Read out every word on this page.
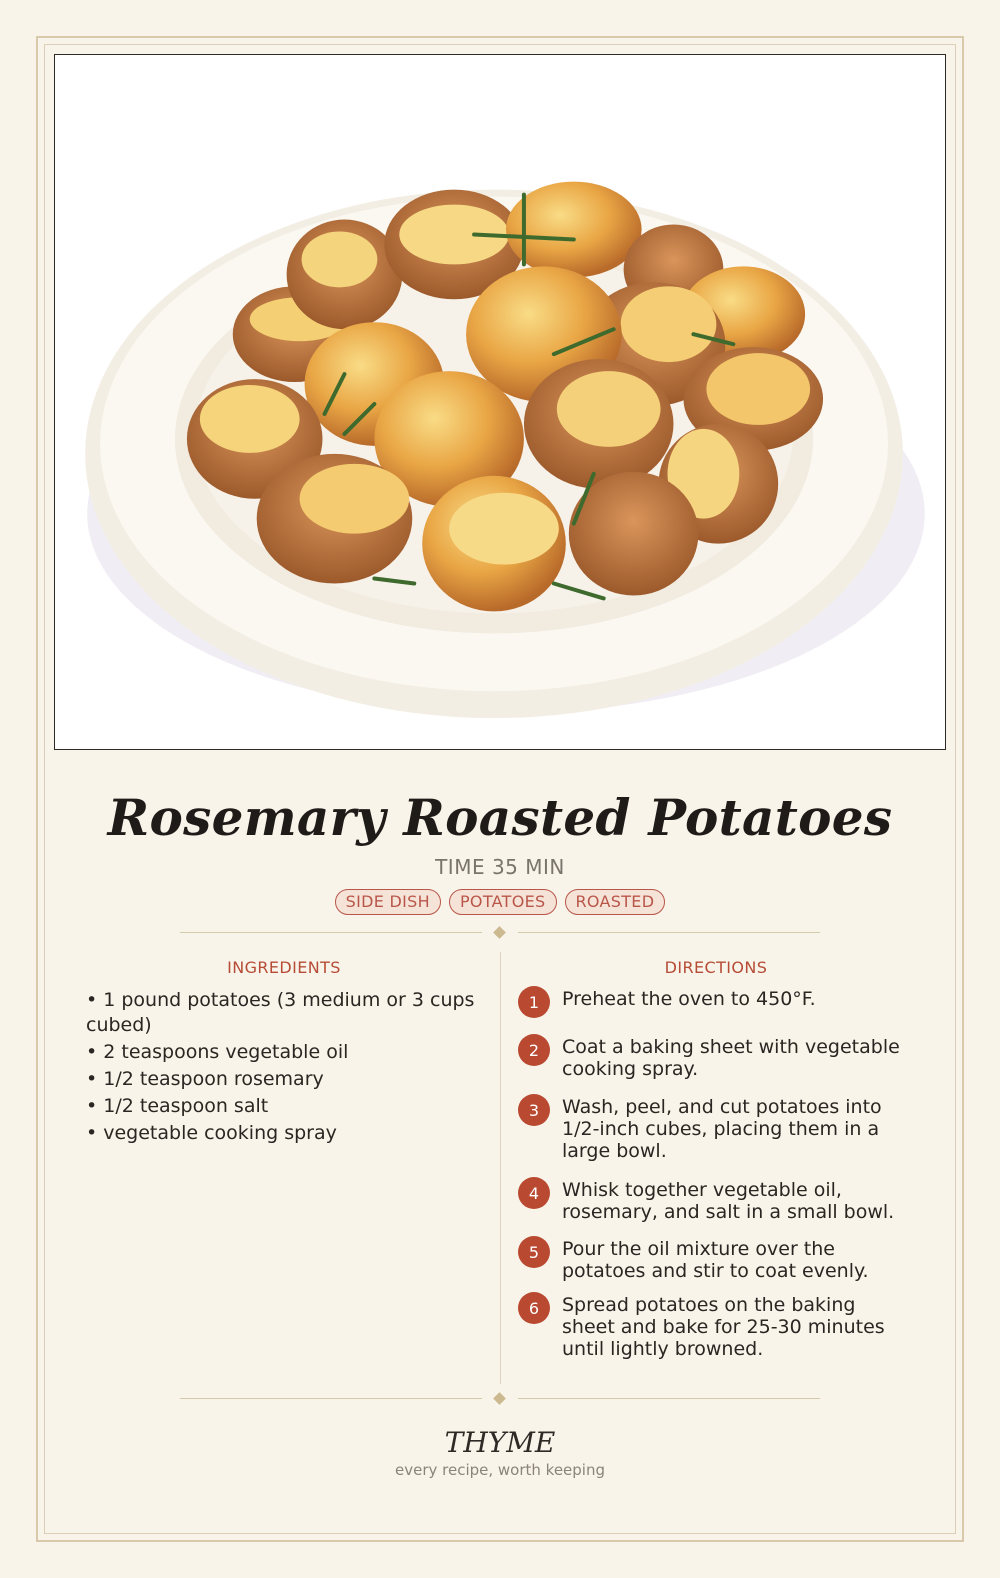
Rosemary Roasted Potatoes
TIME 35 MIN
SIDE DISH	POTATOES	ROASTED
INGREDIENTS
• 1 pound potatoes (3 medium or 3 cups cubed)
• 2 teaspoons vegetable oil
• 1/2 teaspoon rosemary
• 1/2 teaspoon salt
• vegetable cooking spray
DIRECTIONS
1	Preheat the oven to 450°F.
2	Coat a baking sheet with vegetable cooking spray.
3	Wash, peel, and cut potatoes into 1/2-inch cubes, placing them in a large bowl.
4	Whisk together vegetable oil, rosemary, and salt in a small bowl.
5	Pour the oil mixture over the potatoes and stir to coat evenly.
6	Spread potatoes on the baking sheet and bake for 25-30 minutes until lightly browned.
THYME
every recipe, worth keeping
